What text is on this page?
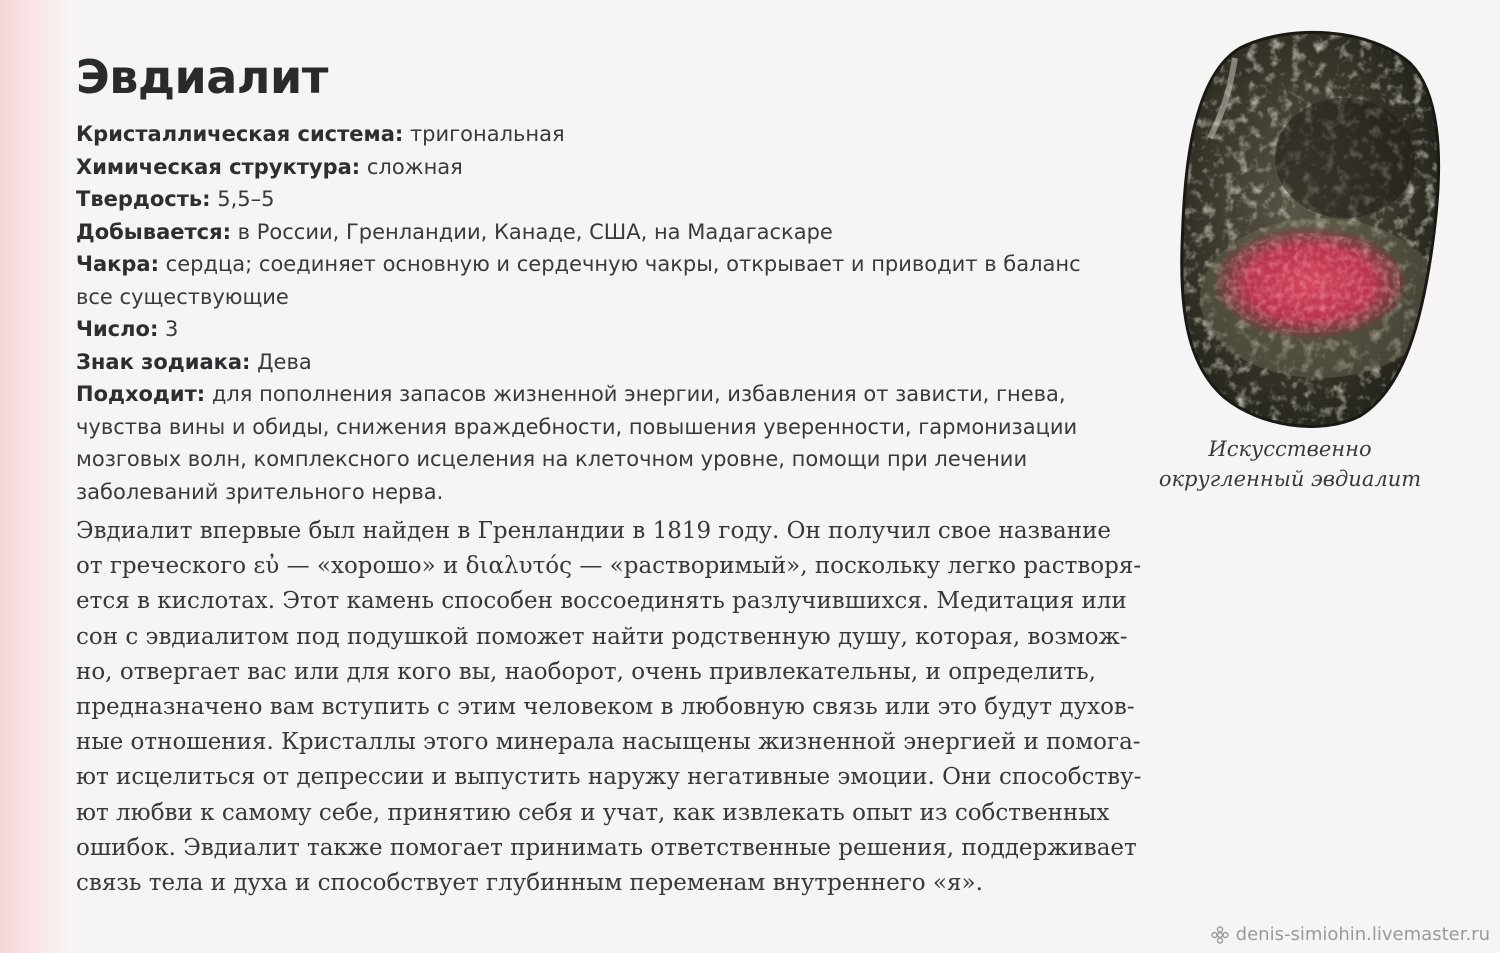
Эвдиалит

Кристаллическая система: тригональная

Химическая структура: сложная

Твердость: 5,5–5

Добывается: в России, Гренландии, Канаде, США, на Мадагаскаре

Чакра: сердца; соединяет основную и сердечную чакры, открывает и приводит в баланс все существующие

Число: 3

Знак зодиака: Дева

Подходит: для пополнения запасов жизненной энергии, избавления от зависти, гнева, чувства вины и обиды, снижения враждебности, повышения уверенности, гармонизации мозговых волн, комплексного исцеления на клеточном уровне, помощи при лечении заболеваний зрительного нерва.

Эвдиалит впервые был найден в Гренландии в 1819 году. Он получил свое название
от греческого εὐ — «хорошо» и διαλυτός — «растворимый», поскольку легко растворя-
ется в кислотах. Этот камень способен воссоединять разлучившихся. Медитация или
сон с эвдиалитом под подушкой поможет найти родственную душу, которая, возмож-
но, отвергает вас или для кого вы, наоборот, очень привлекательны, и определить,
предназначено вам вступить с этим человеком в любовную связь или это будут духов-
ные отношения. Кристаллы этого минерала насыщены жизненной энергией и помога-
ют исцелиться от депрессии и выпустить наружу негативные эмоции. Они способству-
ют любви к самому себе, принятию себя и учат, как извлекать опыт из собственных
ошибок. Эвдиалит также помогает принимать ответственные решения, поддерживает
связь тела и духа и способствует глубинным переменам внутреннего «я».

Искусственно
округленный эвдиалит

denis-simiohin.livemaster.ru
